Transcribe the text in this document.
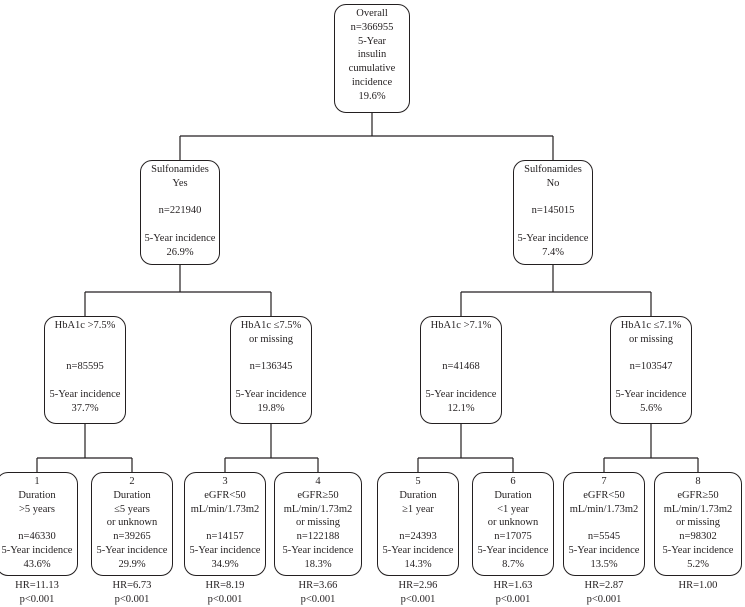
Overall
n=366955
5-Year
insulin
cumulative
incidence
19.6%
Sulfonamides
Yes
n=221940
5-Year incidence
26.9%
Sulfonamides
No
n=145015
5-Year incidence
7.4%
HbA1c >7.5%

n=85595
5-Year incidence
37.7%
HbA1c ≤7.5%
or missing
n=136345
5-Year incidence
19.8%
HbA1c >7.1%

n=41468
5-Year incidence
12.1%
HbA1c ≤7.1%
or missing
n=103547
5-Year incidence
5.6%
1
Duration
>5 years
n=46330
5-Year incidence
43.6%
2
Duration
≤5 years
or unknown
n=39265
5-Year incidence
29.9%
3
eGFR<50
mL/min/1.73m2
n=14157
5-Year incidence
34.9%
4
eGFR≥50
mL/min/1.73m2
or missing
n=122188
5-Year incidence
18.3%
5
Duration
≥1 year
n=24393
5-Year incidence
14.3%
6
Duration
<1 year
or unknown
n=17075
5-Year incidence
8.7%
7
eGFR<50
mL/min/1.73m2
n=5545
5-Year incidence
13.5%
8
eGFR≥50
mL/min/1.73m2
or missing
n=98302
5-Year incidence
5.2%
HR=11.13
p<0.001
HR=6.73
p<0.001
HR=8.19
p<0.001
HR=3.66
p<0.001
HR=2.96
p<0.001
HR=1.63
p<0.001
HR=2.87
p<0.001
HR=1.00
